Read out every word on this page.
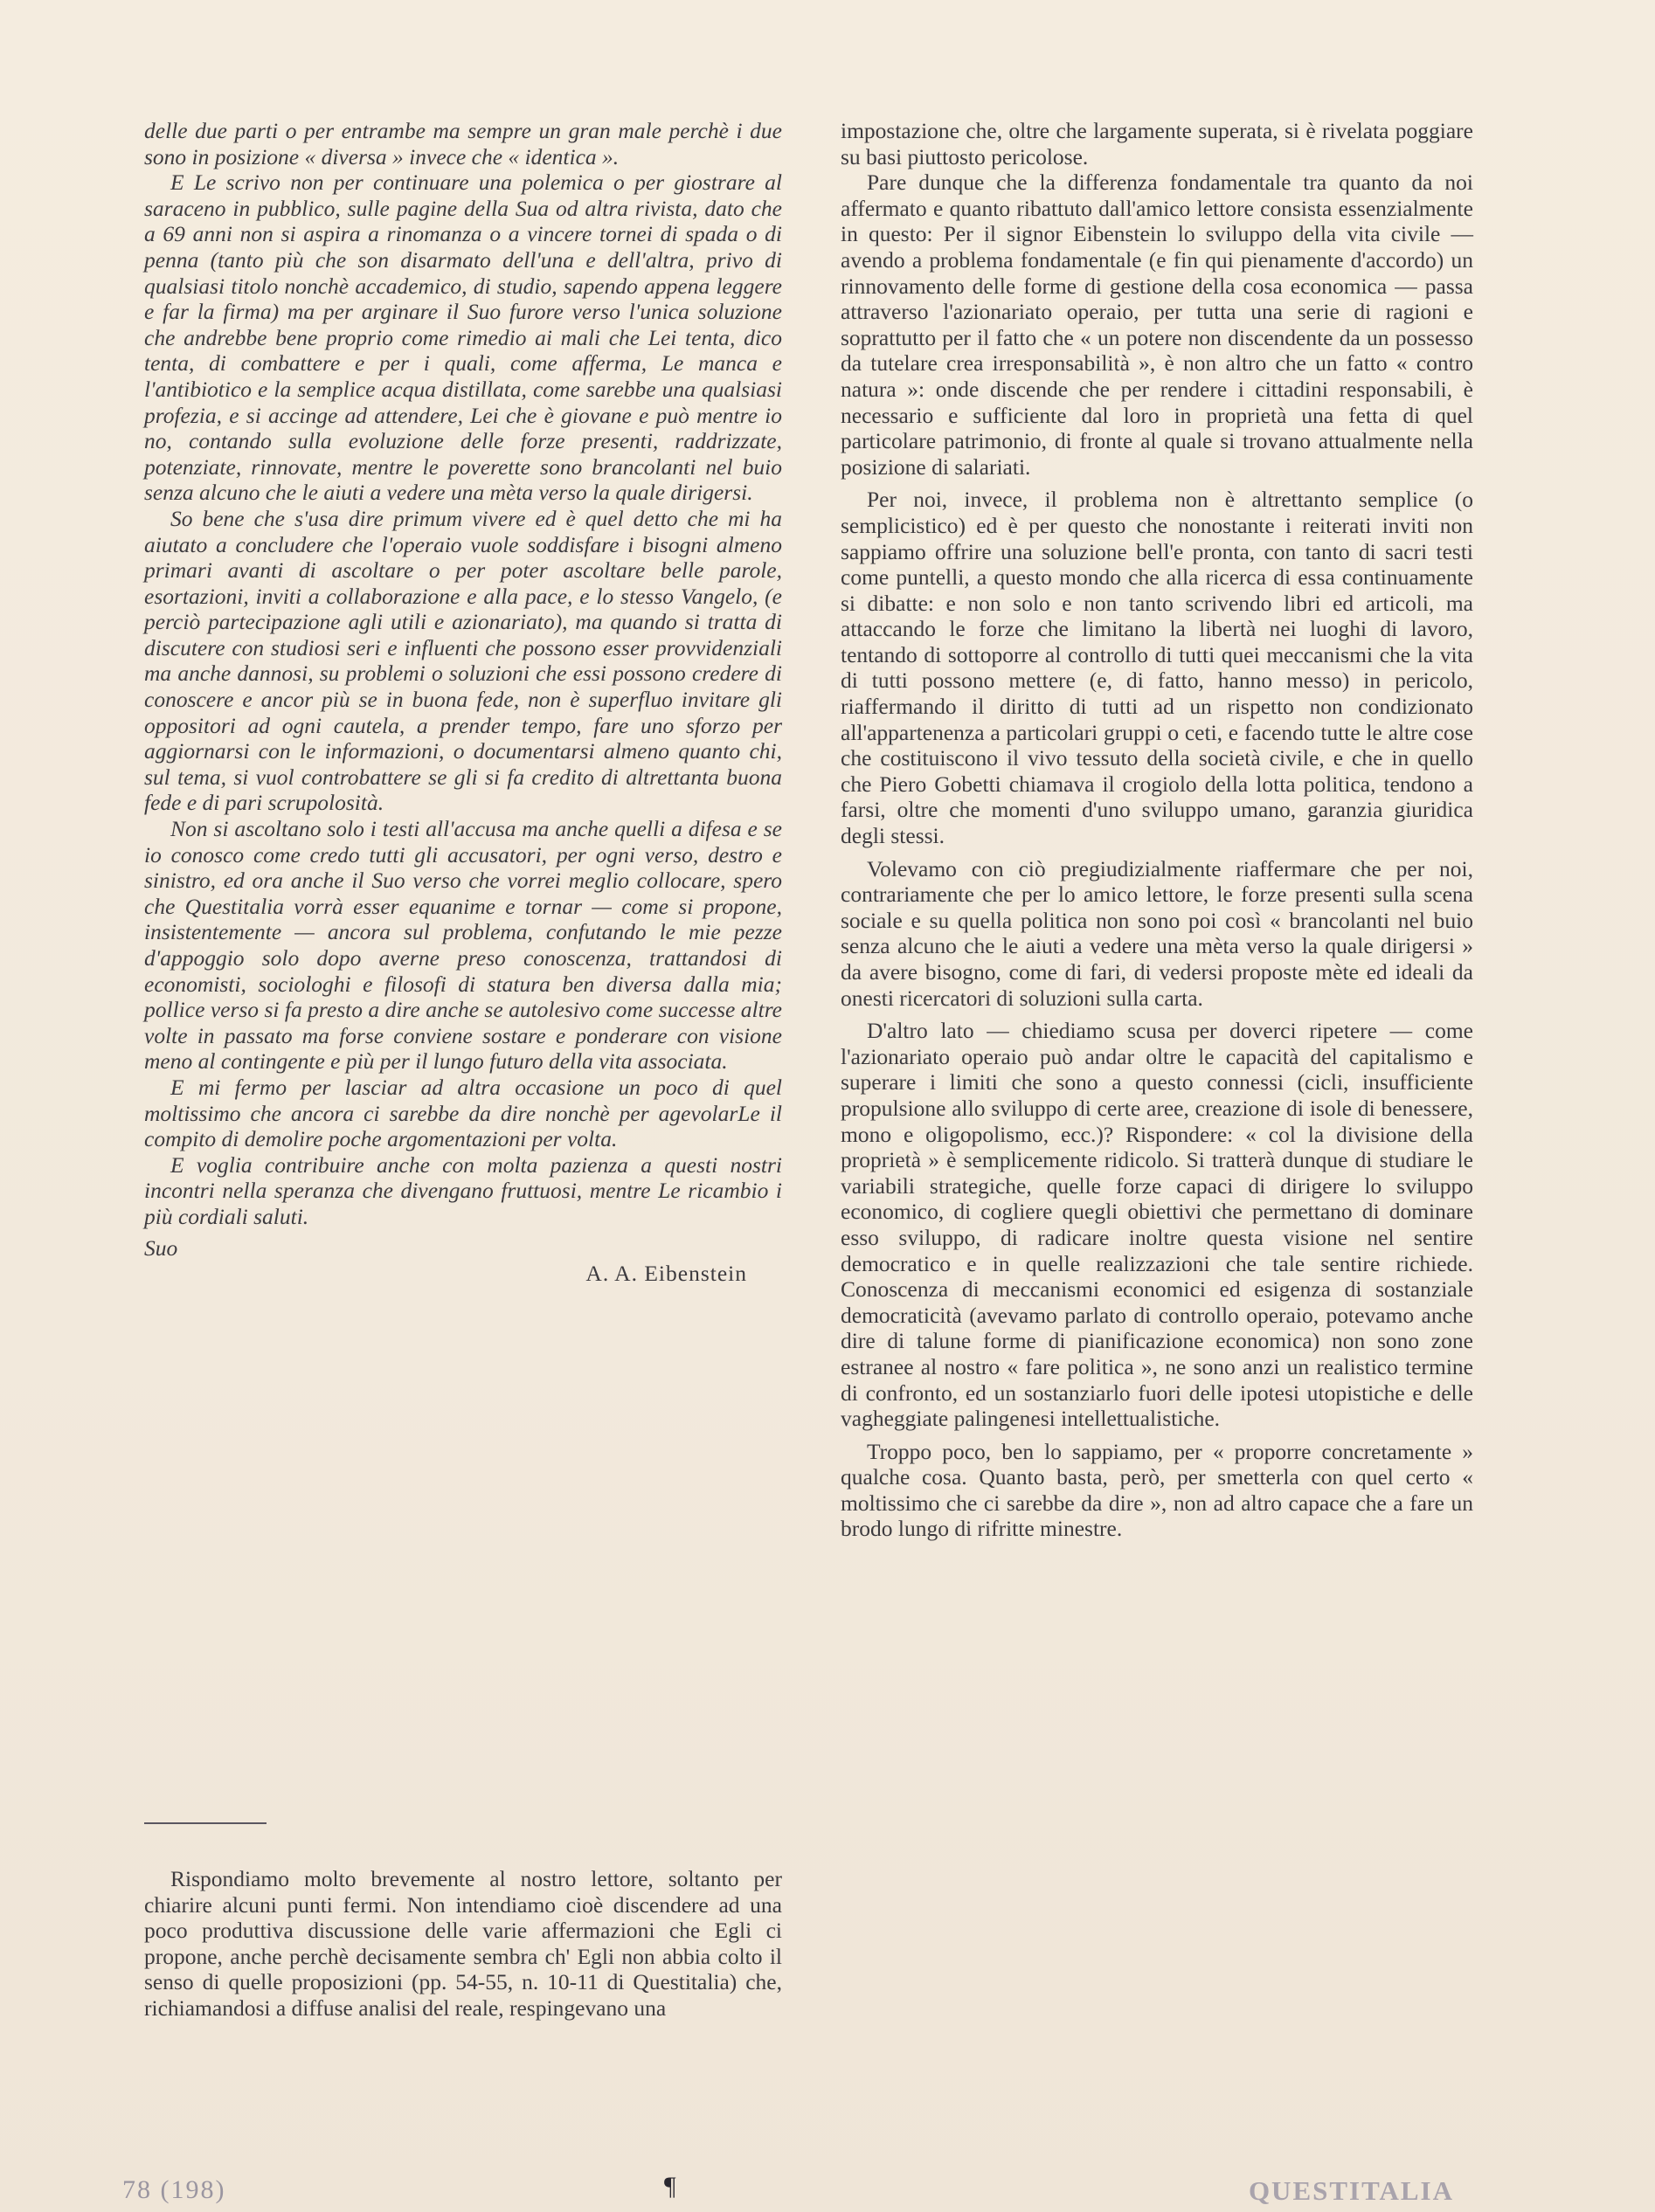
delle due parti o per entrambe ma sempre un gran male perchè i due sono in posizione « diversa » invece che « identica ».

E Le scrivo non per continuare una polemica o per giostrare al saraceno in pubblico, sulle pagine della Sua od altra rivista, dato che a 69 anni non si aspira a rinomanza o a vincere tornei di spada o di penna (tanto più che son disarmato dell'una e dell'altra, privo di qualsiasi titolo nonchè accademico, di studio, sapendo appena leggere e far la firma) ma per arginare il Suo furore verso l'unica soluzione che andrebbe bene proprio come rimedio ai mali che Lei tenta, dico tenta, di combattere e per i quali, come afferma, Le manca e l'antibiotico e la semplice acqua distillata, come sarebbe una qualsiasi profezia, e si accinge ad attendere, Lei che è giovane e può mentre io no, contando sulla evoluzione delle forze presenti, raddrizzate, potenziate, rinnovate, mentre le poverette sono brancolanti nel buio senza alcuno che le aiuti a vedere una mèta verso la quale dirigersi.

So bene che s'usa dire primum vivere ed è quel detto che mi ha aiutato a concludere che l'operaio vuole soddisfare i bisogni almeno primari avanti di ascoltare o per poter ascoltare belle parole, esortazioni, inviti a collaborazione e alla pace, e lo stesso Vangelo, (e perciò partecipazione agli utili e azionariato), ma quando si tratta di discutere con studiosi seri e influenti che possono esser provvidenziali ma anche dannosi, su problemi o soluzioni che essi possono credere di conoscere e ancor più se in buona fede, non è superfluo invitare gli oppositori ad ogni cautela, a prender tempo, fare uno sforzo per aggiornarsi con le informazioni, o documentarsi almeno quanto chi, sul tema, si vuol controbattere se gli si fa credito di altrettanta buona fede e di pari scrupolosità.

Non si ascoltano solo i testi all'accusa ma anche quelli a difesa e se io conosco come credo tutti gli accusatori, per ogni verso, destro e sinistro, ed ora anche il Suo verso che vorrei meglio collocare, spero che Questitalia vorrà esser equanime e tornar — come si propone, insistentemente — ancora sul problema, confutando le mie pezze d'appoggio solo dopo averne preso conoscenza, trattandosi di economisti, sociologhi e filosofi di statura ben diversa dalla mia; pollice verso si fa presto a dire anche se autolesivo come successe altre volte in passato ma forse conviene sostare e ponderare con visione meno al contingente e più per il lungo futuro della vita associata.

E mi fermo per lasciar ad altra occasione un poco di quel moltissimo che ancora ci sarebbe da dire nonchè per agevolarLe il compito di demolire poche argomentazioni per volta.

E voglia contribuire anche con molta pazienza a questi nostri incontri nella speranza che divengano fruttuosi, mentre Le ricambio i più cordiali saluti.

Suo

A. A. Eibenstein

Rispondiamo molto brevemente al nostro lettore, soltanto per chiarire alcuni punti fermi. Non intendiamo cioè discendere ad una poco produttiva discussione delle varie affermazioni che Egli ci propone, anche perchè decisamente sembra ch' Egli non abbia colto il senso di quelle proposizioni (pp. 54-55, n. 10-11 di Questitalia) che, richiamandosi a diffuse analisi del reale, respingevano una

impostazione che, oltre che largamente superata, si è rivelata poggiare su basi piuttosto pericolose.

Pare dunque che la differenza fondamentale tra quanto da noi affermato e quanto ribattuto dall'amico lettore consista essenzialmente in questo: Per il signor Eibenstein lo sviluppo della vita civile — avendo a problema fondamentale (e fin qui pienamente d'accordo) un rinnovamento delle forme di gestione della cosa economica — passa attraverso l'azionariato operaio, per tutta una serie di ragioni e soprattutto per il fatto che « un potere non discendente da un possesso da tutelare crea irresponsabilità », è non altro che un fatto « contro natura »: onde discende che per rendere i cittadini responsabili, è necessario e sufficiente dal loro in proprietà una fetta di quel particolare patrimonio, di fronte al quale si trovano attualmente nella posizione di salariati.

Per noi, invece, il problema non è altrettanto semplice (o semplicistico) ed è per questo che nonostante i reiterati inviti non sappiamo offrire una soluzione bell'e pronta, con tanto di sacri testi come puntelli, a questo mondo che alla ricerca di essa continuamente si dibatte: e non solo e non tanto scrivendo libri ed articoli, ma attaccando le forze che limitano la libertà nei luoghi di lavoro, tentando di sottoporre al controllo di tutti quei meccanismi che la vita di tutti possono mettere (e, di fatto, hanno messo) in pericolo, riaffermando il diritto di tutti ad un rispetto non condizionato all'appartenenza a particolari gruppi o ceti, e facendo tutte le altre cose che costituiscono il vivo tessuto della società civile, e che in quello che Piero Gobetti chiamava il crogiolo della lotta politica, tendono a farsi, oltre che momenti d'uno sviluppo umano, garanzia giuridica degli stessi.

Volevamo con ciò pregiudizialmente riaffermare che per noi, contrariamente che per lo amico lettore, le forze presenti sulla scena sociale e su quella politica non sono poi così « brancolanti nel buio senza alcuno che le aiuti a vedere una mèta verso la quale dirigersi » da avere bisogno, come di fari, di vedersi proposte mète ed ideali da onesti ricercatori di soluzioni sulla carta.

D'altro lato — chiediamo scusa per doverci ripetere — come l'azionariato operaio può andar oltre le capacità del capitalismo e superare i limiti che sono a questo connessi (cicli, insufficiente propulsione allo sviluppo di certe aree, creazione di isole di benessere, mono e oligopolismo, ecc.)? Rispondere: « col la divisione della proprietà » è semplicemente ridicolo. Si tratterà dunque di studiare le variabili strategiche, quelle forze capaci di dirigere lo sviluppo economico, di cogliere quegli obiettivi che permettano di dominare esso sviluppo, di radicare inoltre questa visione nel sentire democratico e in quelle realizzazioni che tale sentire richiede. Conoscenza di meccanismi economici ed esigenza di sostanziale democraticità (avevamo parlato di controllo operaio, potevamo anche dire di talune forme di pianificazione economica) non sono zone estranee al nostro « fare politica », ne sono anzi un realistico termine di confronto, ed un sostanziarlo fuori delle ipotesi utopistiche e delle vagheggiate palingenesi intellettualistiche.

Troppo poco, ben lo sappiamo, per « proporre concretamente » qualche cosa. Quanto basta, però, per smetterla con quel certo « moltissimo che ci sarebbe da dire », non ad altro capace che a fare un brodo lungo di rifritte minestre.

78 (198)	¶	QUESTITALIA
